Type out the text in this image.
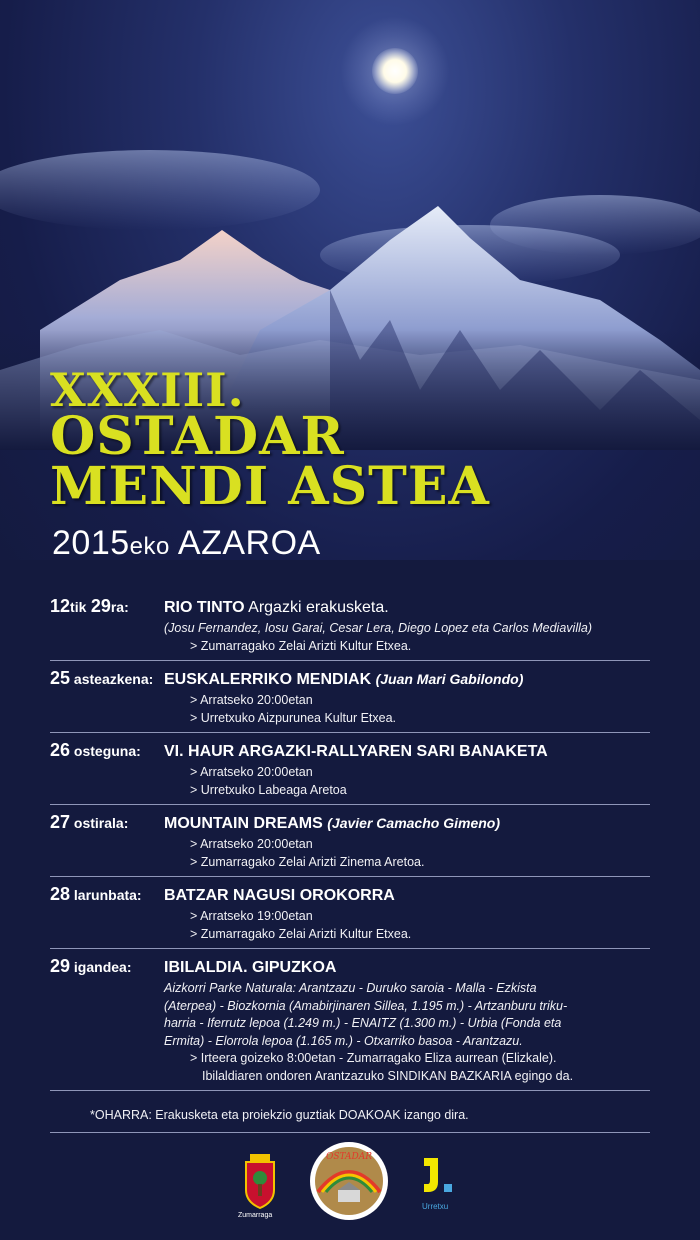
XXXIII.
OSTADAR
MENDI ASTEA
2015eko AZAROA
12tik 29ra:	RIO TINTO Argazki erakusketa.
(Josu Fernandez, Iosu Garai, Cesar Lera, Diego Lopez eta Carlos Mediavilla)
> Zumarragako Zelai Arizti Kultur Etxea.
25 asteazkena: EUSKALERRIKO MENDIAK (Juan Mari Gabilondo)
> Arratseko 20:00etan
> Urretxuko Aizpurunea Kultur Etxea.
26 osteguna:	VI. HAUR ARGAZKI-RALLYAREN SARI BANAKETA
> Arratseko 20:00etan
> Urretxuko Labeaga Aretoa
27 ostirala:	MOUNTAIN DREAMS (Javier Camacho Gimeno)
> Arratseko 20:00etan
> Zumarragako Zelai Arizti Zinema Aretoa.
28 larunbata:	BATZAR NAGUSI OROKORRA
> Arratseko 19:00etan
> Zumarragako Zelai Arizti Kultur Etxea.
29 igandea:	IBILALDIA. GIPUZKOA
Aizkorri Parke Naturala: Arantzazu - Duruko saroia - Malla - Ezkista
(Aterpea) - Biozkornia (Amabirjinaren Sillea, 1.195 m.) - Artzanburu triku-
harria - Iferrutz lepoa (1.249 m.) - ENAITZ (1.300 m.) - Urbia (Fonda eta
Ermita) - Elorrola lepoa (1.165 m.) - Otxarriko basoa - Arantzazu.
> Irteera goizeko 8:00etan - Zumarragako Eliza aurrean (Elizkale).
Ibilaldiaren ondoren Arantzazuko SINDIKAN BAZKARIA egingo da.
*OHARRA: Erakusketa eta proiekzio guztiak DOAKOAK izango dira.
OSTADAR
Zumarraga
Urretxu
